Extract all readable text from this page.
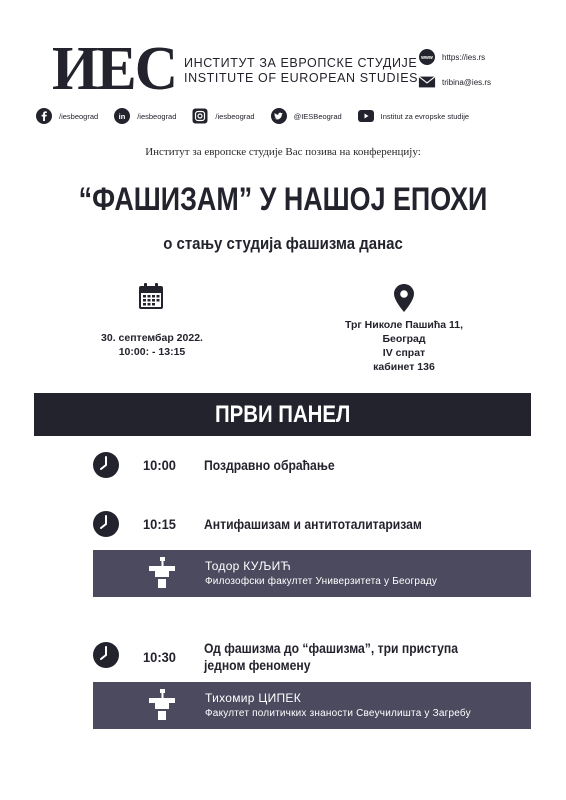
ИЕС ИНСТИТУТ ЗА ЕВРОПСКЕ СТУДИЈЕ
INSTITUTE OF EUROPEAN STUDIES
www https://ies.rs
tribina@ies.rs
/iesbeograd	in /iesbeograd	/iesbeograd	@IESBeograd	Institut za evropske studije
Институт за европске студије Вас позива на конференцију:
“ФАШИЗАМ” У НАШОЈ ЕПОХИ
о стању студија фашизма данас
30. септембар 2022.
10:00: - 13:15
Трг Николе Пашића 11,
Београд
IV спрат
кабинет 136
ПРВИ ПАНЕЛ
10:00 Поздравно обраћање
10:15 Антифашизам и антитоталитаризам
Тодор КУЉИЋ
Филозофски факултет Универзитета у Београду
10:30
Од фашизма до “фашизма”, три приступа
једном феномену
Тихомир ЦИПЕК
Факултет политичких знаности Свеучилишта у Загребу
